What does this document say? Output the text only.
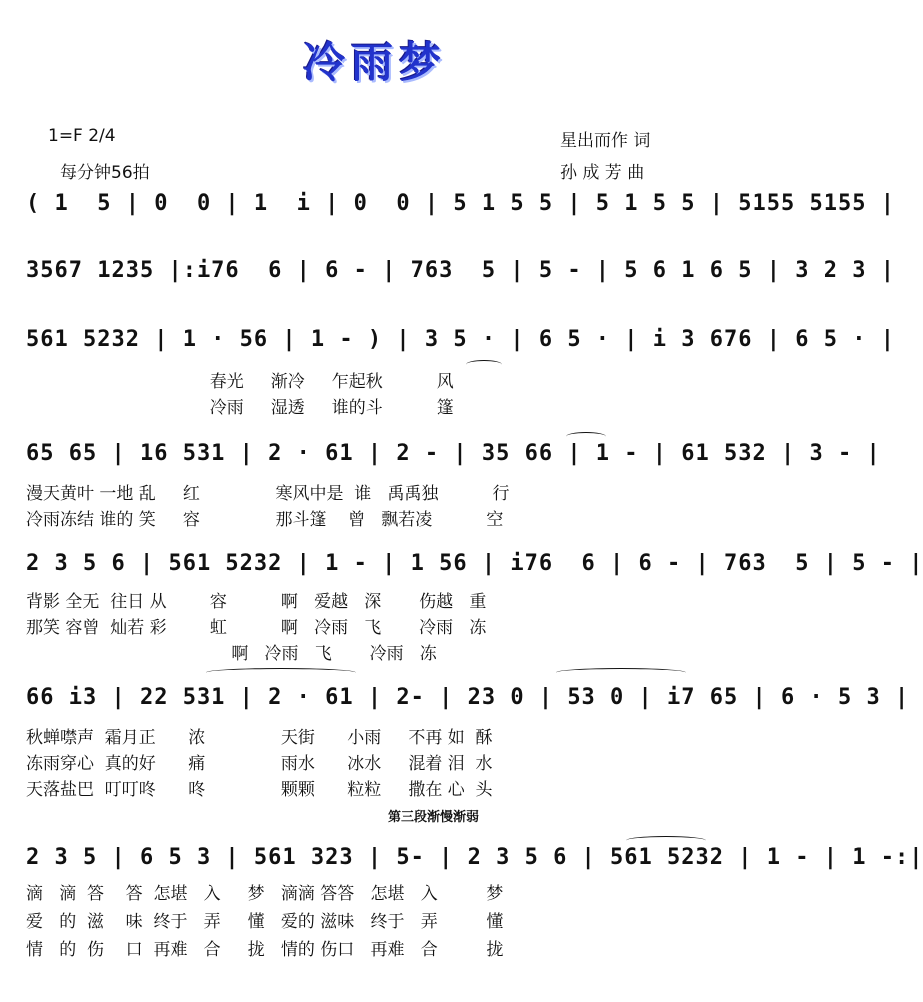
冷雨梦
1=F 2/4
每分钟56拍
星出而作 词
孙 成 芳 曲
( 1  5 | 0  0 | 1  i | 0  0 | 5 1 5 5 | 5 1 5 5 | 5155 5155 |
3567 1235 |:i76  6 | 6 - | 763  5 | 5 - | 5 6 1 6 5 | 3 2 3 |
561 5232 | 1 · 56 | 1 - ) | 3 5 · | 6 5 · | i 3 676 | 6 5 · |
春光     渐冷     乍起秋          风
冷雨     湿透     谁的斗          篷
65 65 | 16 531 | 2 · 61 | 2 - | 35 66 | 1 - | 61 532 | 3 - |
漫天黄叶 一地 乱     红              寒风中是  谁   禹禹独          行
冷雨冻结 谁的 笑     容              那斗篷    曾   飘若凌          空
2 3 5 6 | 561 5232 | 1 - | 1 56 | i76  6 | 6 - | 763  5 | 5 - |
背影 全无  往日 从        容          啊   爱越   深       伤越   重
那笑 容曾  灿若 彩        虹          啊   冷雨   飞       冷雨   冻
啊   冷雨   飞       冷雨   冻
66 i3 | 22 531 | 2 · 61 | 2- | 23 0 | 53 0 | i7 65 | 6 · 5 3 |
秋蝉噤声  霜月正      浓              天街      小雨     不再 如  酥
冻雨穿心  真的好      痛              雨水      冰水     混着 泪  水
天落盐巴  叮叮咚      咚              颗颗      粒粒     撒在 心  头
2 3 5 | 6 5 3 | 561 323 | 5- | 2 3 5 6 | 561 5232 | 1 - | 1 -:|
滴   滴  答    答  怎堪   入     梦   滴滴 答答   怎堪   入         梦
爱   的  滋    味  终于   弄     懂   爱的 滋味   终于   弄         懂
情   的  伤    口  再难   合     拢   情的 伤口   再难   合         拢
第三段渐慢渐弱
